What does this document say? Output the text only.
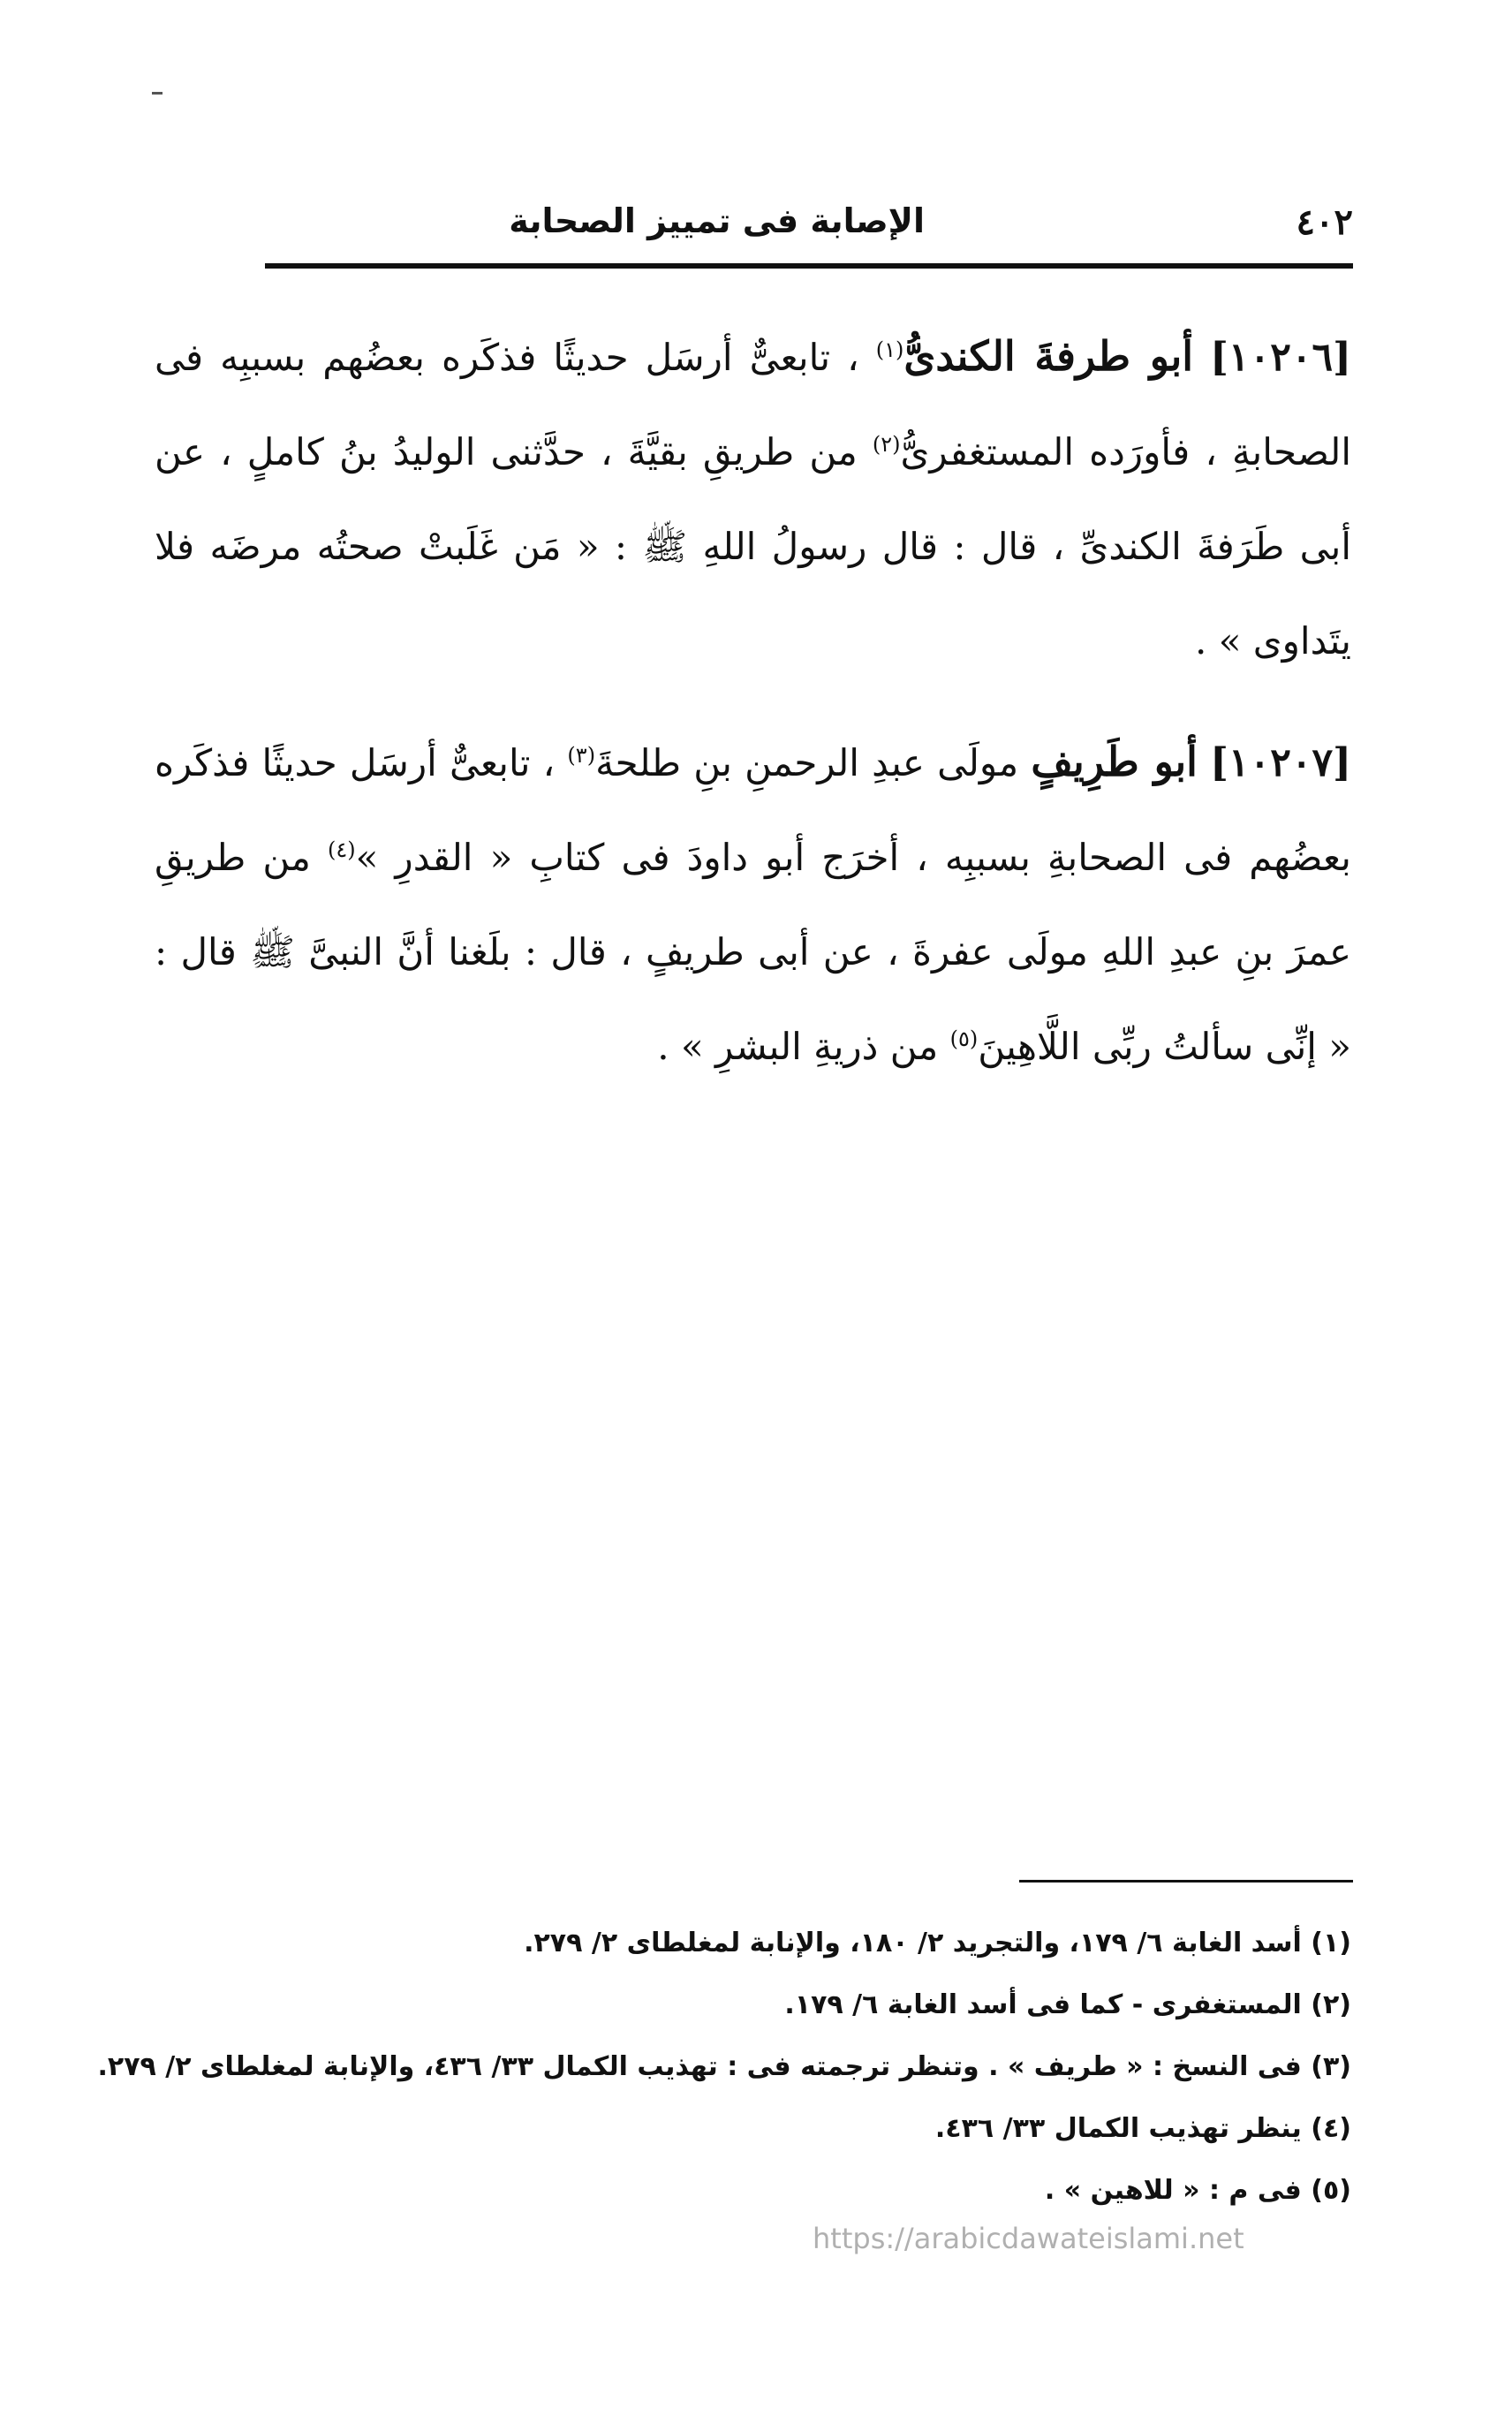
٤٠٢
الإصابة فى تمييز الصحابة

[١٠٢٠٦] أبو طرفةَ الكندىُّ$^{(١)}$ ، تابعىٌّ أرسَل حديثًا فذكَره بعضُهم بسببِه فى الصحابةِ ، فأورَده المستغفرىُّ$^{(٢)}$ من طريقِ بقيَّةَ ، حدَّثنى الوليدُ بنُ كاملٍ ، عن أبى طَرَفةَ الكندىِّ ، قال : قال رسولُ اللهِ ﷺ : « مَن غَلَبتْ صحتُه مرضَه فلا يتَداوى » .

[١٠٢٠٧] أبو طَرِيفٍ مولَى عبدِ الرحمنِ بنِ طلحةَ$^{(٣)}$ ، تابعىٌّ أرسَل حديثًا فذكَره بعضُهم فى الصحابةِ بسببِه ، أخرَج أبو داودَ فى كتابِ « القدرِ »$^{(٤)}$ من طريقِ عمرَ بنِ عبدِ اللهِ مولَى عفرةَ ، عن أبى طريفٍ ، قال : بلَغنا أنَّ النبىَّ ﷺ قال : « إنِّى سألتُ ربِّى اللَّاهِينَ$^{(٥)}$ من ذريةِ البشرِ » .

(١) أسد الغابة ٦/ ١٧٩، والتجريد ٢/ ١٨٠، والإنابة لمغلطاى ٢/ ٢٧٩.
(٢) المستغفرى - كما فى أسد الغابة ٦/ ١٧٩.
(٣) فى النسخ : « طريف » . وتنظر ترجمته فى : تهذيب الكمال ٣٣/ ٤٣٦، والإنابة لمغلطاى ٢/ ٢٧٩.
(٤) ينظر تهذيب الكمال ٣٣/ ٤٣٦.
(٥) فى م : « للاهين » .
https://arabicdawateislami.net
